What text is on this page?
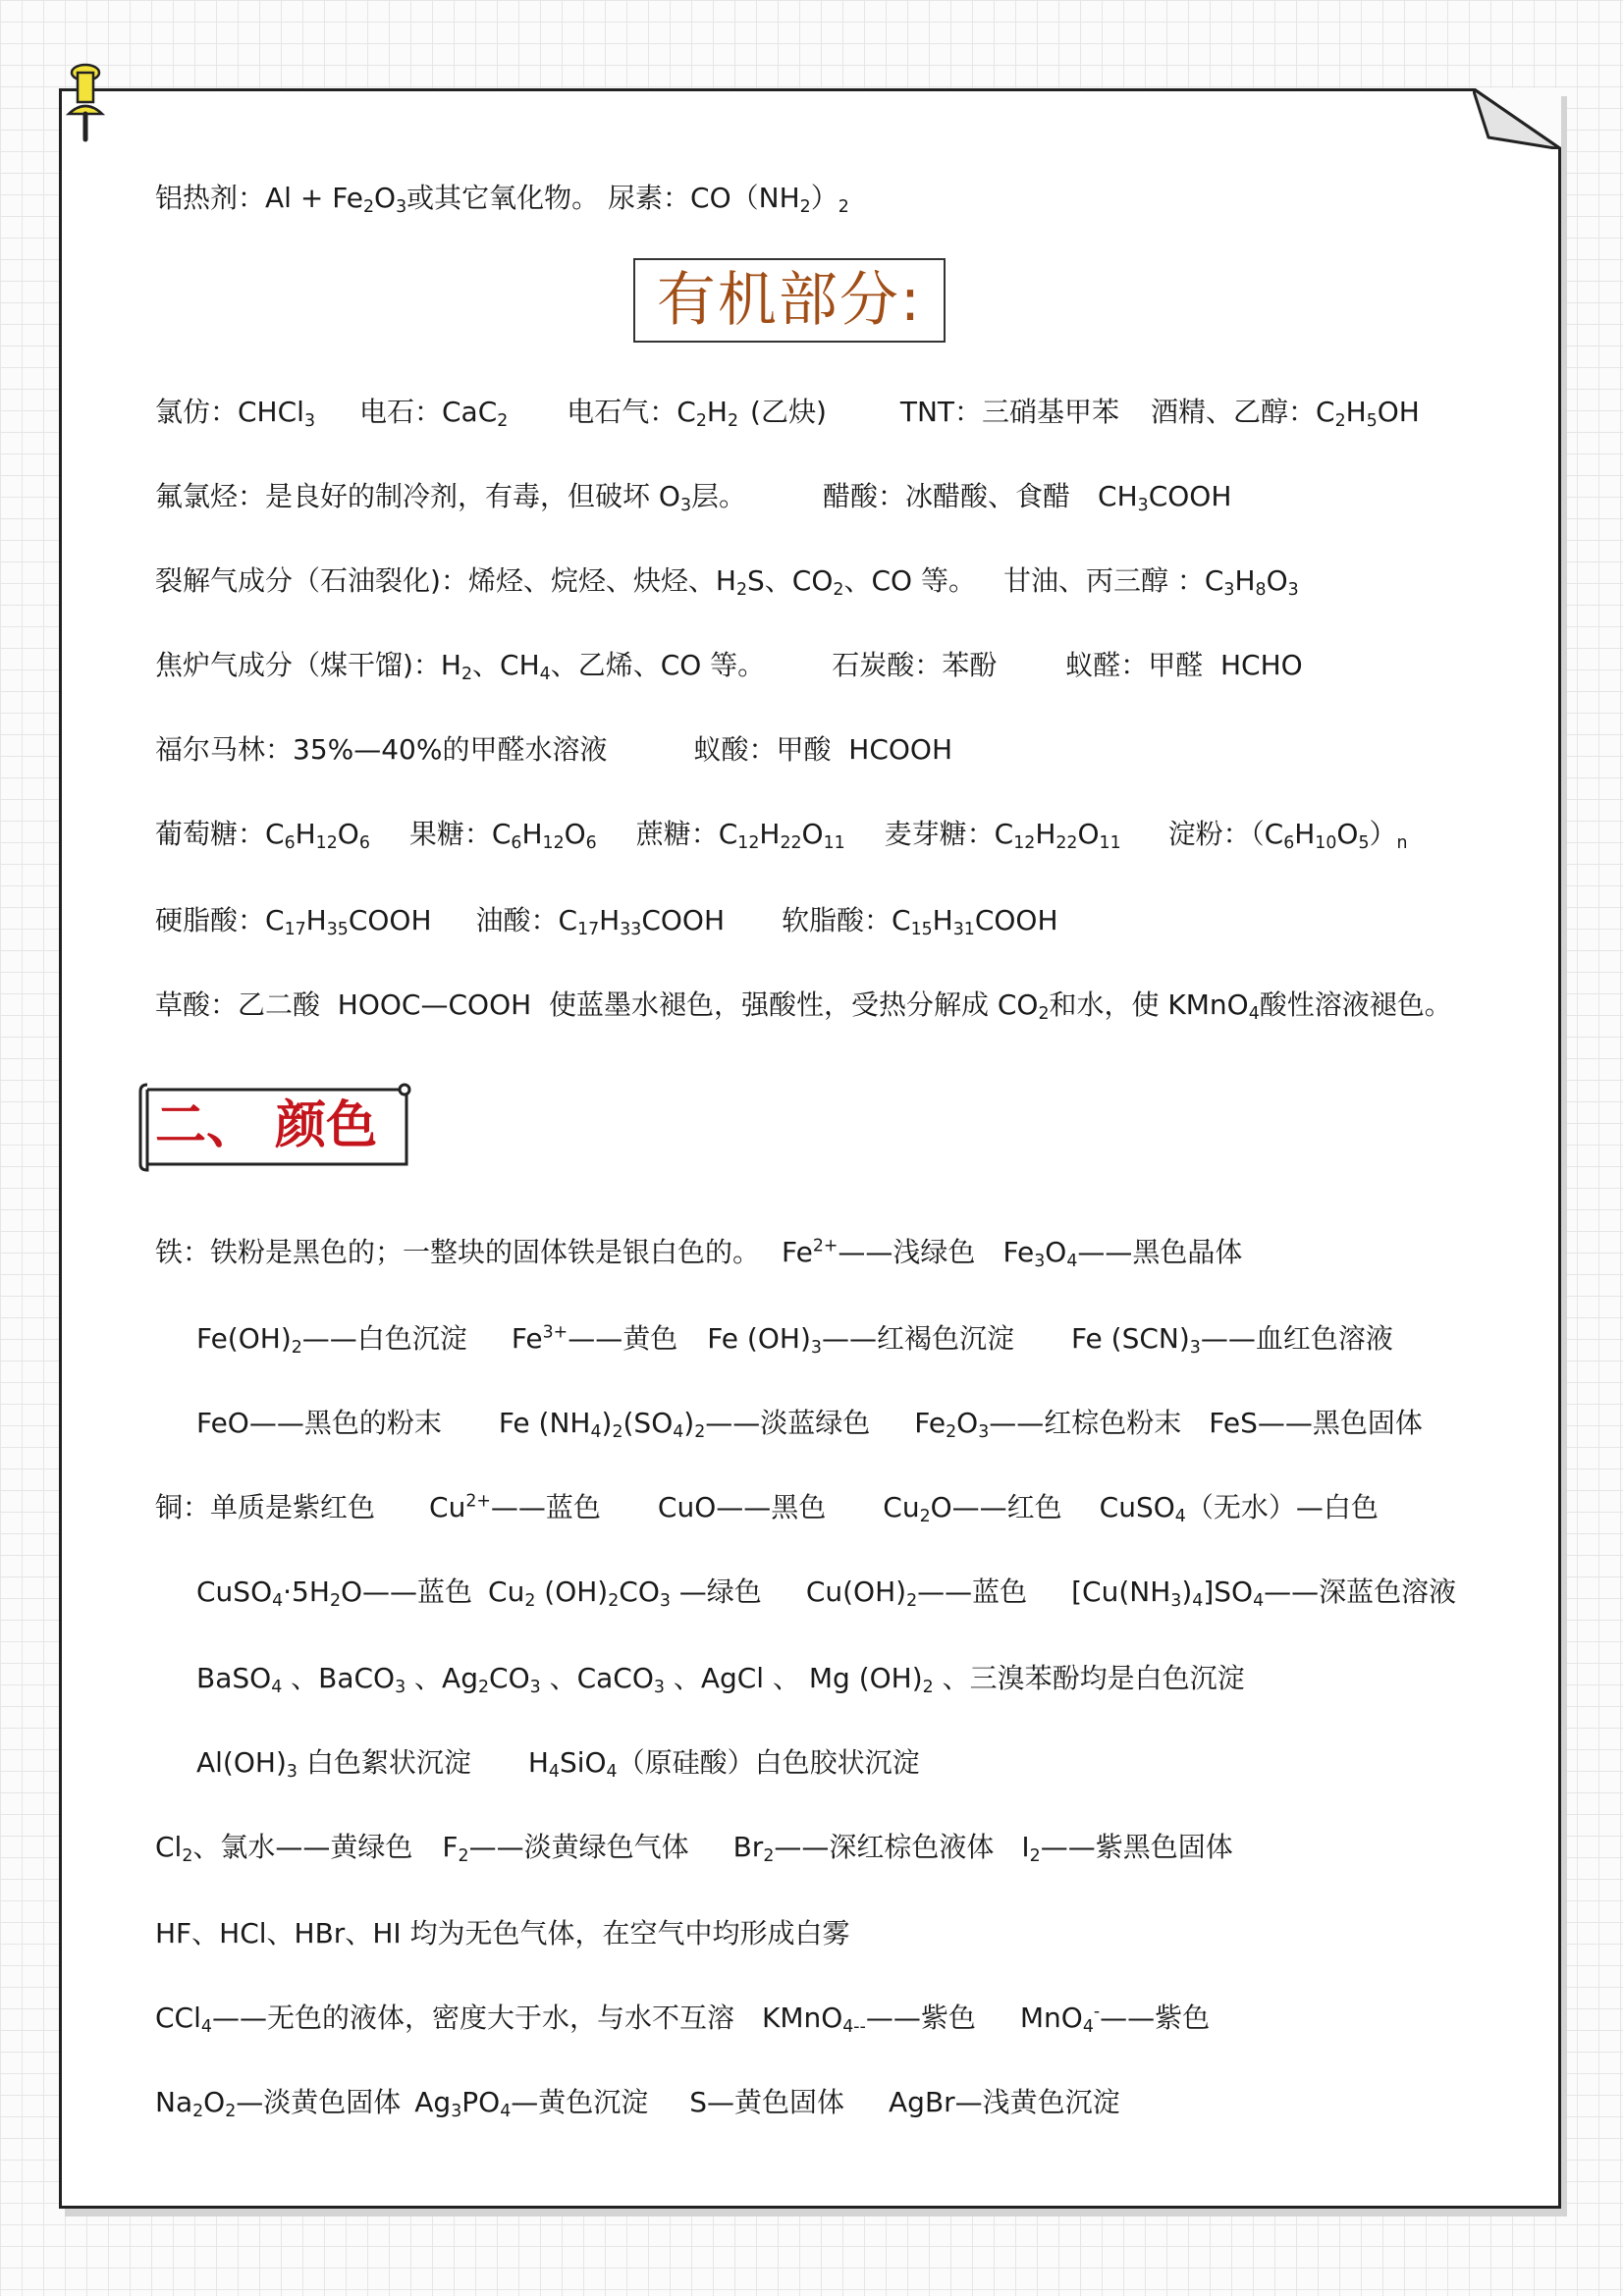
铝热剂：$Al + Fe_2O_3$或其它氧化物。 尿素：$CO(NH_2)_2$
有机部分:
氯仿：CHCl$_3$ 电石：CaC$_2$ 电石气：$C_2H_2$ (乙炔)	TNT：三硝基甲苯 酒精、乙醇：$C_2H_5OH$
氟氯烃：是良好的制冷剂，有毒，但破坏 $O_3$层。	醋酸：冰醋酸、食醋 $CH_3COOH$
裂解气成分（石油裂化)：烯烃、烷烃、炔烃、$H_2S$、$CO_2$、CO 等。 甘油、丙三醇 ：$C_3H_8O_3$
焦炉气成分（煤干馏)：$H_2$、$CH_4$、乙烯、CO 等。 石炭酸：苯酚	蚁醛：甲醛  HCHO
福尔马林：35%—40%的甲醛水溶液	蚁酸：甲酸  HCOOH
葡萄糖：$C_6H_{12}O_6$ 果糖：$C_6H_{12}O_6$ 蔗糖：$C_{12}H_{22}O_{11}$ 麦芽糖：$C_{12}H_{22}O_{11}$ 淀粉：$(C_6H_{10}O_5)_n$
硬脂酸：$C_{17}H_{35}COOH$ 油酸：$C_{17}H_{33}COOH$ 软脂酸：$C_{15}H_{31}COOH$
草酸：乙二酸  HOOC—COOH  使蓝墨水褪色，强酸性，受热分解成 $CO_2$和水，使 KMnO$_4$酸性溶液褪色。
二、 颜色
铁：铁粉是黑色的；一整块的固体铁是银白色的。 $Fe^{2+}——$浅绿色 $Fe_3O_4——$黑色晶体
$Fe(OH)_2——$白色沉淀 $Fe^{3+}——$黄色 Fe $(OH)_3——$红褐色沉淀 Fe $(SCN)_3——$血红色溶液
FeO——黑色的粉末 Fe $(NH_4)_2(SO_4)_2——$淡蓝绿色 $Fe_2O_3——$红棕色粉末 FeS——黑色固体
铜：单质是紫红色 $Cu^{2+}——$蓝色 CuO——黑色 $Cu_2O——$红色 CuSO$_4$（无水）—白色
$CuSO_4\cdot 5H_2O——$蓝色 $Cu_2$ $(OH)_2CO_3$ —绿色 $Cu(OH)_2——$蓝色 $[Cu(NH_3)_4]SO_4——$深蓝色溶液
BaSO$_4$ 、BaCO$_3$ 、$Ag_2CO_3$ 、CaCO$_3$ 、AgCl 、 Mg $(OH)_2$ 、三溴苯酚均是白色沉淀
$Al(OH)_3$ 白色絮状沉淀 $H_4SiO_4$（原硅酸）白色胶状沉淀
$Cl_2$、氯水——黄绿色 $F_2——$淡黄绿色气体 $Br_2——$深红棕色液体 $I_2——$紫黑色固体
HF、HCl、HBr、HI 均为无色气体，在空气中均形成白雾
CCl$_4$——无色的液体，密度大于水，与水不互溶 KMnO$_{4--}$——紫色 MnO$_4$-——紫色
$Na_2O_2—$淡黄色固体 $Ag_3PO_4—$黄色沉淀 S—黄色固体 AgBr—浅黄色沉淀
